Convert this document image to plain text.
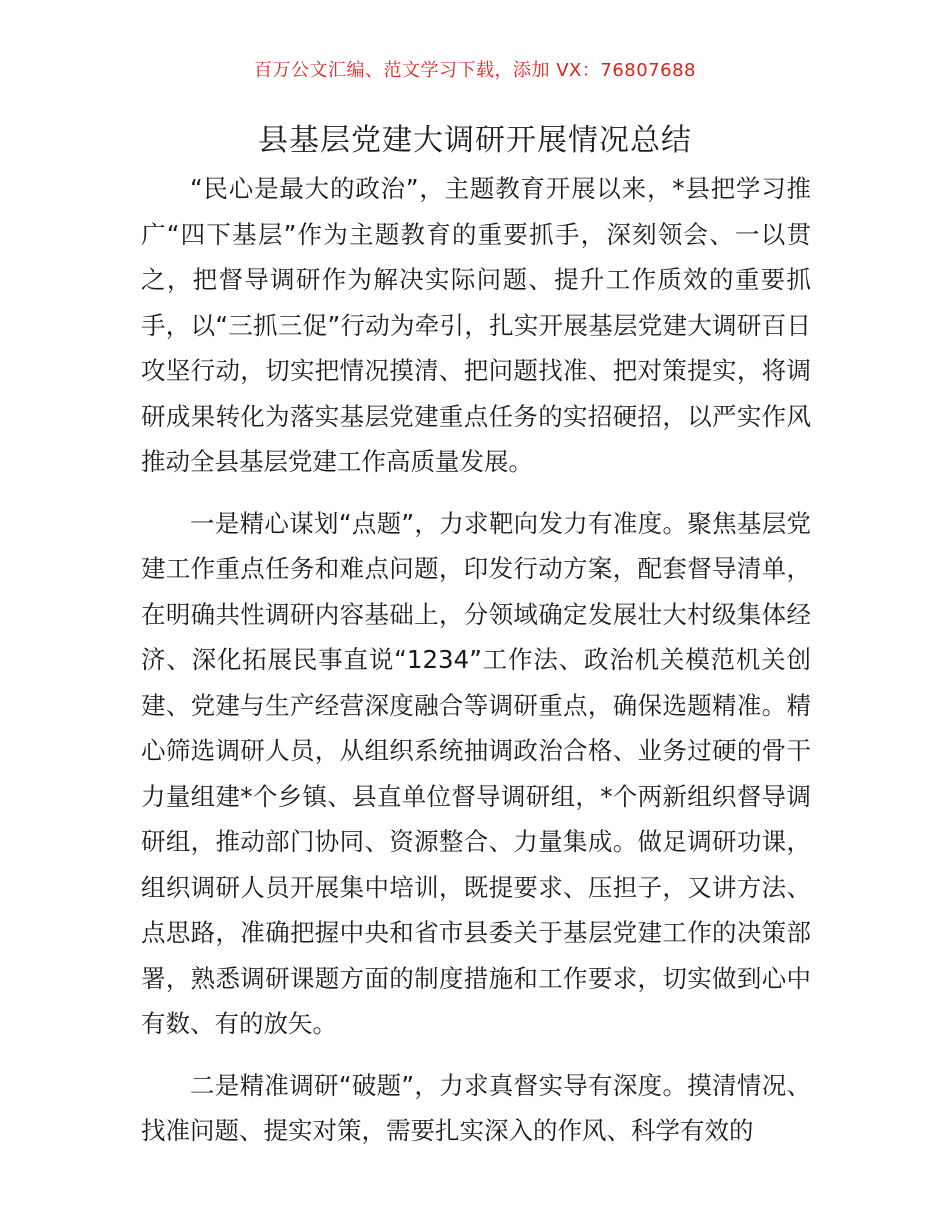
百万公文汇编、范文学习下载，添加 VX：76807688
县基层党建大调研开展情况总结

“民心是最大的政治”，主题教育开展以来，*县把学习推广“四下基层”作为主题教育的重要抓手，深刻领会、一以贯之，把督导调研作为解决实际问题、提升工作质效的重要抓手，以“三抓三促”行动为牵引，扎实开展基层党建大调研百日攻坚行动，切实把情况摸清、把问题找准、把对策提实，将调研成果转化为落实基层党建重点任务的实招硬招，以严实作风推动全县基层党建工作高质量发展。

一是精心谋划“点题”，力求靶向发力有准度。聚焦基层党建工作重点任务和难点问题，印发行动方案，配套督导清单，在明确共性调研内容基础上，分领域确定发展壮大村级集体经济、深化拓展民事直说“1234”工作法、政治机关模范机关创建、党建与生产经营深度融合等调研重点，确保选题精准。精心筛选调研人员，从组织系统抽调政治合格、业务过硬的骨干力量组建*个乡镇、县直单位督导调研组，*个两新组织督导调研组，推动部门协同、资源整合、力量集成。做足调研功课，组织调研人员开展集中培训，既提要求、压担子，又讲方法、点思路，准确把握中央和省市县委关于基层党建工作的决策部署，熟悉调研课题方面的制度措施和工作要求，切实做到心中有数、有的放矢。

二是精准调研“破题”，力求真督实导有深度。摸清情况、找准问题、提实对策，需要扎实深入的作风、科学有效的
